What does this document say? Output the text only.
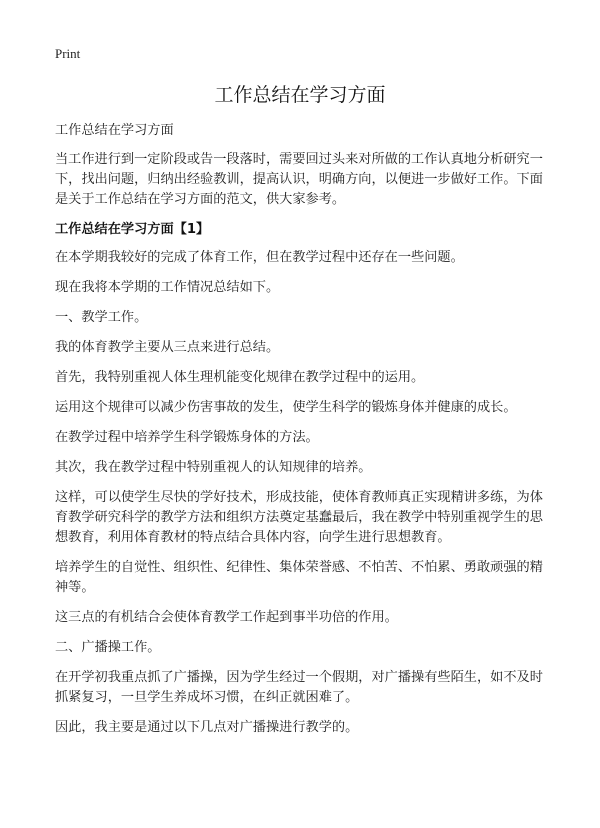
Print
工作总结在学习方面

工作总结在学习方面

当工作进行到一定阶段或告一段落时，需要回过头来对所做的工作认真地分析研究一下，找出问题，归纳出经验教训，提高认识，明确方向，以便进一步做好工作。下面是关于工作总结在学习方面的范文，供大家参考。

工作总结在学习方面【1】

在本学期我较好的完成了体育工作，但在教学过程中还存在一些问题。

现在我将本学期的工作情况总结如下。

一、教学工作。

我的体育教学主要从三点来进行总结。

首先，我特别重视人体生理机能变化规律在教学过程中的运用。

运用这个规律可以减少伤害事故的发生，使学生科学的锻炼身体并健康的成长。

在教学过程中培养学生科学锻炼身体的方法。

其次，我在教学过程中特别重视人的认知规律的培养。

这样，可以使学生尽快的学好技术，形成技能，使体育教师真正实现精讲多练，为体育教学研究科学的教学方法和组织方法奠定基蠢最后，我在教学中特别重视学生的思想教育，利用体育教材的特点结合具体内容，向学生进行思想教育。

培养学生的自觉性、组织性、纪律性、集体荣誉感、不怕苦、不怕累、勇敢顽强的精神等。

这三点的有机结合会使体育教学工作起到事半功倍的作用。

二、广播操工作。

在开学初我重点抓了广播操，因为学生经过一个假期，对广播操有些陌生，如不及时抓紧复习，一旦学生养成坏习惯，在纠正就困难了。

因此，我主要是通过以下几点对广播操进行教学的。
